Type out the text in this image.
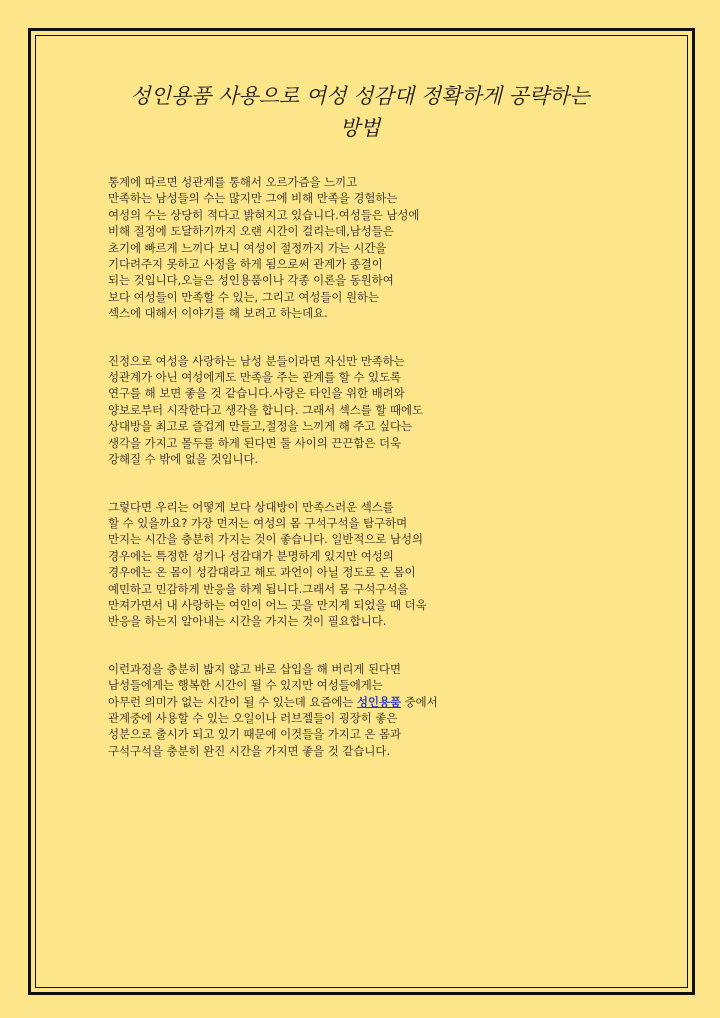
성인용품 사용으로 여성 성감대 정확하게 공략하는
방법

통계에 따르면 성관계를 통해서 오르가즘을 느끼고
만족하는 남성들의 수는 많지만 그에 비해 만족을 경험하는
여성의 수는 상당히 적다고 밝혀지고 있습니다.여성들은 남성에
비해 절정에 도달하기까지 오랜 시간이 걸리는데,남성들은
초기에 빠르게 느끼다 보니 여성이 절정까지 가는 시간을
기다려주지 못하고 사정을 하게 됨으로써 관계가 종결이
되는 것입니다,오늘은 성인용품이나 각종 이론을 동원하여
보다 여성들이 만족할 수 있는, 그리고 여성들이 원하는
섹스에 대해서 이야기를 해 보려고 하는데요.

진정으로 여성을 사랑하는 남성 분들이라면 자신만 만족하는
성관계가 아닌 여성에게도 만족을 주는 관계를 할 수 있도록
연구를 해 보면 좋을 것 같습니다.사랑은 타인을 위한 배려와
양보로부터 시작한다고 생각을 합니다. 그래서 섹스를 할 때에도
상대방을 최고로 즐겁게 만들고,절정을 느끼게 해 주고 싶다는
생각을 가지고 몰두를 하게 된다면 둘 사이의 끈끈함은 더욱
강해질 수 밖에 없을 것입니다.

그렇다면 우리는 어떻게 보다 상대방이 만족스러운 섹스를
할 수 있을까요? 가장 먼저는 여성의 몸 구석구석을 탐구하며
만지는 시간을 충분히 가지는 것이 좋습니다. 일반적으로 남성의
경우에는 특정한 성기나 성감대가 분명하게 있지만 여성의
경우에는 온 몸이 성감대라고 해도 과언이 아닐 정도로 온 몸이
예민하고 민감하게 반응을 하게 됩니다.그래서 몸 구석구석을
만져가면서 내 사랑하는 여인이 어느 곳을 만지게 되었을 때 더욱
반응을 하는지 알아내는 시간을 가지는 것이 필요합니다.

이런과정을 충분히 밟지 않고 바로 삽입을 해 버리게 된다면
남성들에게는 행복한 시간이 될 수 있지만 여성들에게는
아무런 의미가 없는 시간이 될 수 있는데 요즘에는 성인용품 중에서
관계중에 사용할 수 있는 오일이나 러브젤들이 굉장히 좋은
성분으로 출시가 되고 있기 때문에 이것들을 가지고 온 몸과
구석구석을 충분히 완진 시간을 가지면 좋을 것 같습니다.
